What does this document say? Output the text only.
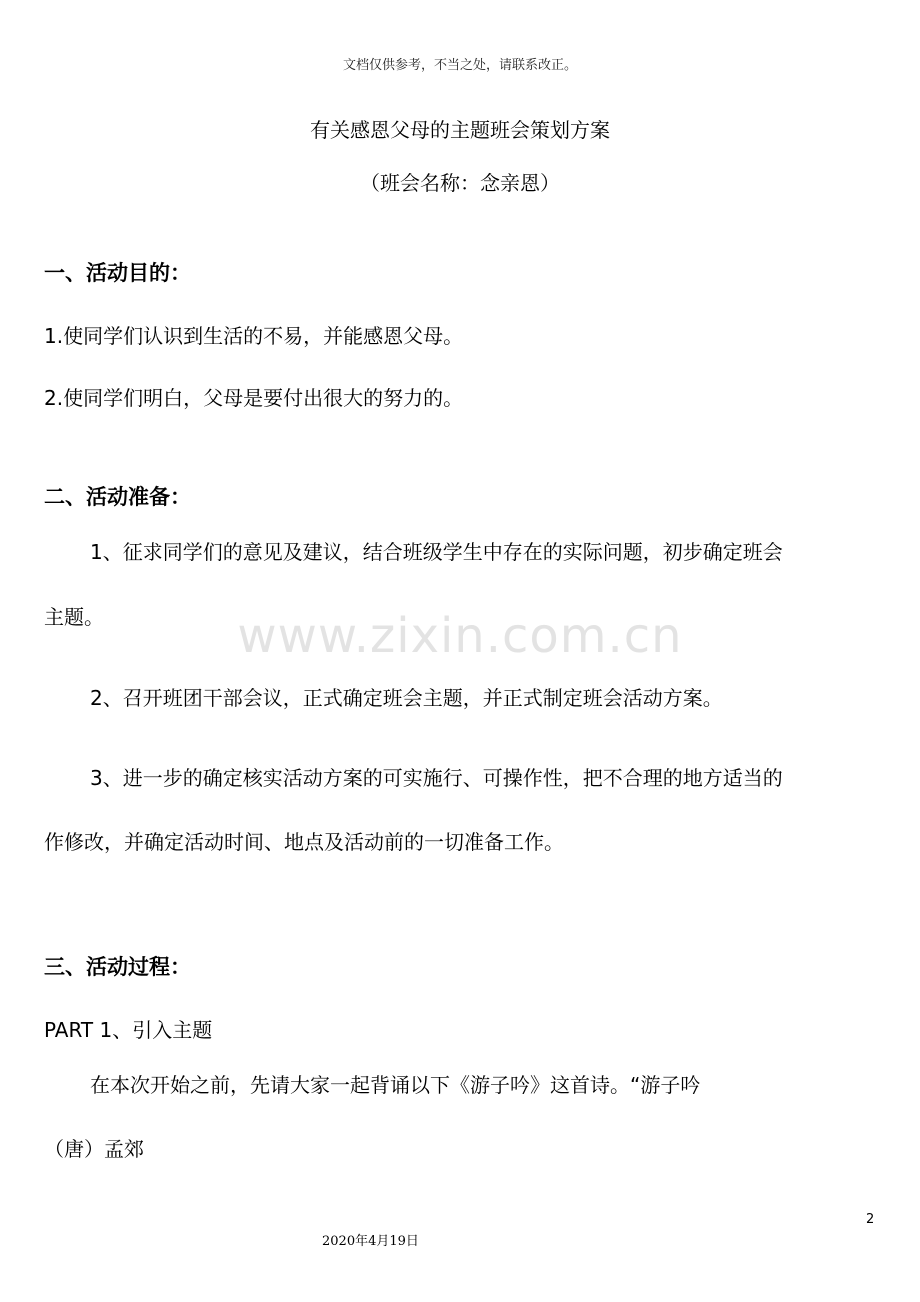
文档仅供参考，不当之处，请联系改正。
有关感恩父母的主题班会策划方案
（班会名称：念亲恩）
一、活动目的：
1.使同学们认识到生活的不易，并能感恩父母。
2.使同学们明白，父母是要付出很大的努力的。
二、活动准备：
1、征求同学们的意见及建议，结合班级学生中存在的实际问题，初步确定班会
主题。	www.zixin.com.cn
2、召开班团干部会议，正式确定班会主题，并正式制定班会活动方案。
3、进一步的确定核实活动方案的可实施行、可操作性，把不合理的地方适当的
作修改，并确定活动时间、地点及活动前的一切准备工作。
三、活动过程：
PART 1、引入主题
在本次开始之前，先请大家一起背诵以下《游子吟》这首诗。“游子吟
（唐）孟郊
2
2020年4月19日
